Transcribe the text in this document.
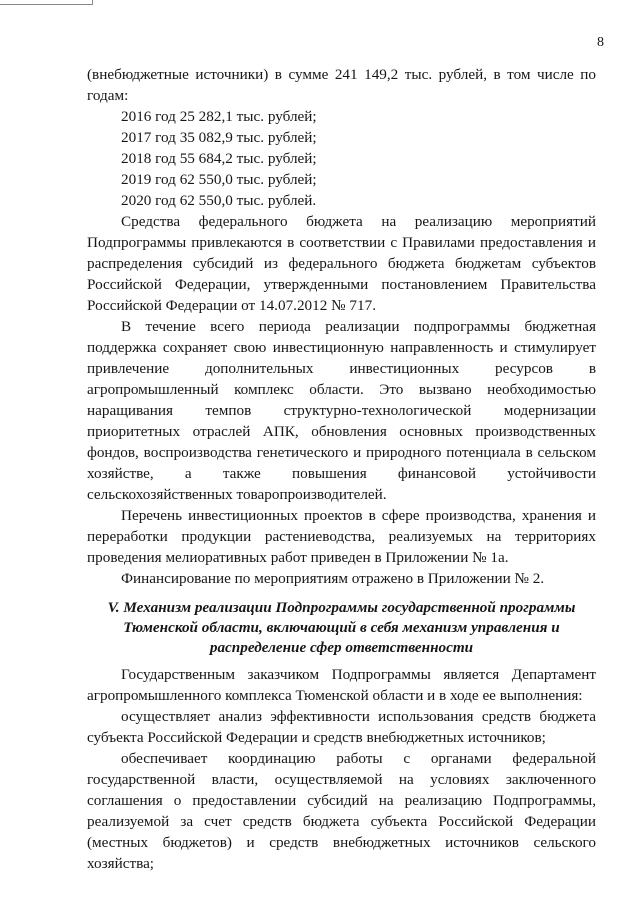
8

(внебюджетные источники) в сумме 241 149,2 тыс. рублей, в том числе по годам:

2016 год 25 282,1 тыс. рублей;
2017 год 35 082,9 тыс. рублей;
2018 год 55 684,2 тыс. рублей;
2019 год 62 550,0 тыс. рублей;
2020 год 62 550,0 тыс. рублей.

Средства федерального бюджета на реализацию мероприятий Подпрограммы привлекаются в соответствии с Правилами предоставления и распределения субсидий из федерального бюджета бюджетам субъектов Российской Федерации, утвержденными постановлением Правительства Российской Федерации от 14.07.2012 № 717.

В течение всего периода реализации подпрограммы бюджетная поддержка сохраняет свою инвестиционную направленность и стимулирует привлечение дополнительных инвестиционных ресурсов в агропромышленный комплекс области. Это вызвано необходимостью наращивания темпов структурно-технологической модернизации приоритетных отраслей АПК, обновления основных производственных фондов, воспроизводства генетического и природного потенциала в сельском хозяйстве, а также повышения финансовой устойчивости сельскохозяйственных товаропроизводителей.

Перечень инвестиционных проектов в сфере производства, хранения и переработки продукции растениеводства, реализуемых на территориях проведения мелиоративных работ приведен в Приложении № 1а.

Финансирование по мероприятиям отражено в Приложении № 2.

V. Механизм реализации Подпрограммы государственной программы Тюменской области, включающий в себя механизм управления и распределение сфер ответственности

Государственным заказчиком Подпрограммы является Департамент агропромышленного комплекса Тюменской области и в ходе ее выполнения:

осуществляет анализ эффективности использования средств бюджета субъекта Российской Федерации и средств внебюджетных источников;

обеспечивает координацию работы с органами федеральной государственной власти, осуществляемой на условиях заключенного соглашения о предоставлении субсидий на реализацию Подпрограммы, реализуемой за счет средств бюджета субъекта Российской Федерации (местных бюджетов) и средств внебюджетных источников сельского хозяйства;
